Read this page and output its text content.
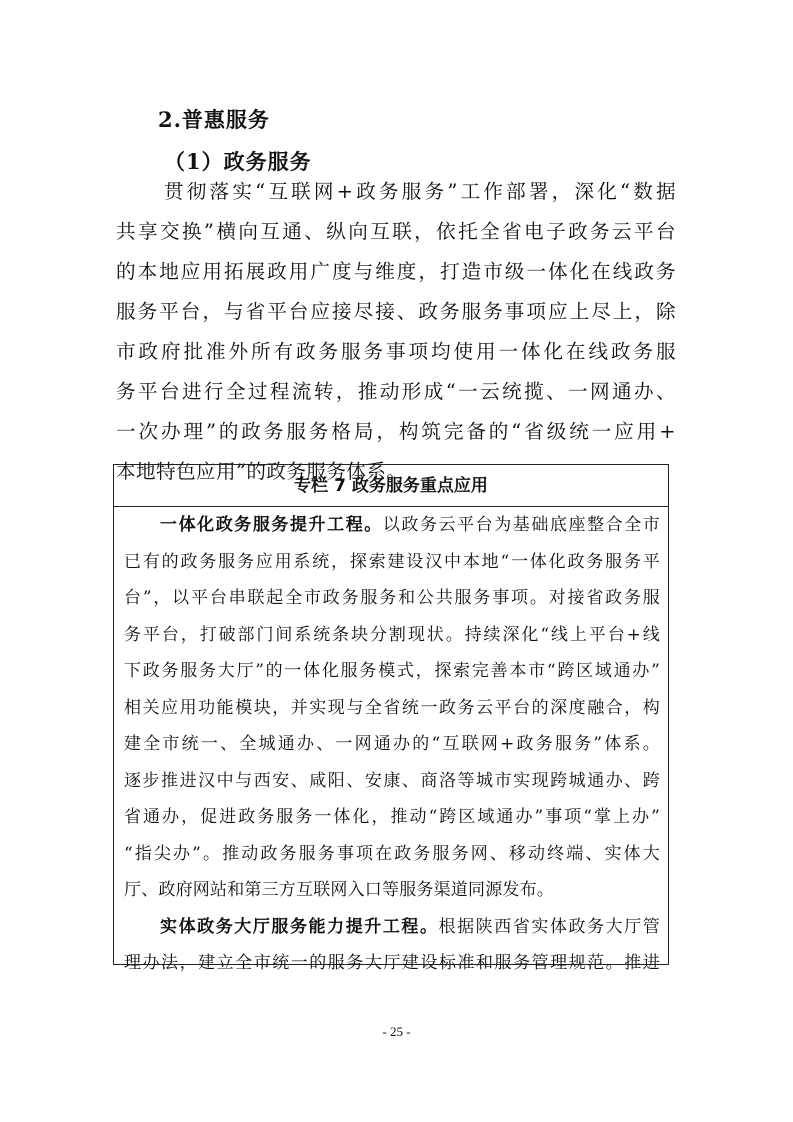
2.普惠服务
（1）政务服务
贯彻落实“互联网+政务服务”工作部署，深化“数据
共享交换”横向互通、纵向互联，依托全省电子政务云平台
的本地应用拓展政用广度与维度，打造市级一体化在线政务
服务平台，与省平台应接尽接、政务服务事项应上尽上，除
市政府批准外所有政务服务事项均使用一体化在线政务服
务平台进行全过程流转，推动形成“一云统揽、一网通办、
一次办理”的政务服务格局，构筑完备的“省级统一应用+
本地特色应用”的政务服务体系。
专栏 7 政务服务重点应用
一体化政务服务提升工程。以政务云平台为基础底座整合全市
已有的政务服务应用系统，探索建设汉中本地“一体化政务服务平
台”，以平台串联起全市政务服务和公共服务事项。对接省政务服
务平台，打破部门间系统条块分割现状。持续深化“线上平台+线
下政务服务大厅”的一体化服务模式，探索完善本市“跨区域通办”
相关应用功能模块，并实现与全省统一政务云平台的深度融合，构
建全市统一、全城通办、一网通办的“互联网+政务服务”体系。
逐步推进汉中与西安、咸阳、安康、商洛等城市实现跨城通办、跨
省通办，促进政务服务一体化，推动“跨区域通办”事项“掌上办”
“指尖办”。推动政务服务事项在政务服务网、移动终端、实体大
厅、政府网站和第三方互联网入口等服务渠道同源发布。
实体政务大厅服务能力提升工程。根据陕西省实体政务大厅管
理办法，建立全市统一的服务大厅建设标准和服务管理规范。推进
- 25 -
